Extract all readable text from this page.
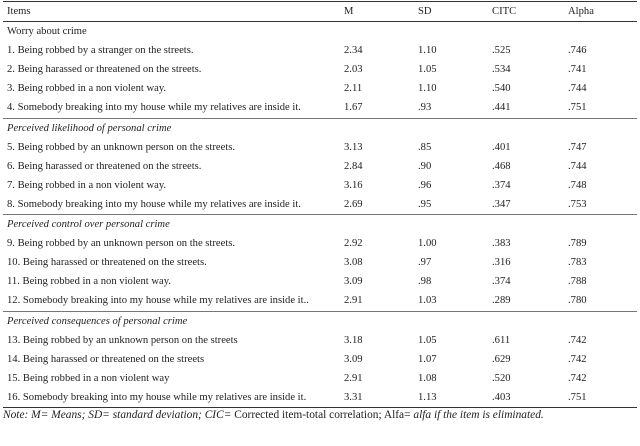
Items	M	SD	CITC	Alpha
Worry about crime				
1. Being robbed by a stranger on the streets.	2.34	1.10	.525	.746
2. Being harassed or threatened on the streets.	2.03	1.05	.534	.741
3. Being robbed in a non violent way.	2.11	1.10	.540	.744
4. Somebody breaking into my house while my relatives are inside it.	1.67	.93	.441	.751
Perceived likelihood of personal crime				
5. Being robbed by an unknown person on the streets.	3.13	.85	.401	.747
6. Being harassed or threatened on the streets.	2.84	.90	.468	.744
7. Being robbed in a non violent way.	3.16	.96	.374	.748
8. Somebody breaking into my house while my relatives are inside it.	2.69	.95	.347	.753
Perceived control over personal crime				
9. Being robbed by an unknown person on the streets.	2.92	1.00	.383	.789
10. Being harassed or threatened on the streets.	3.08	.97	.316	.783
11. Being robbed in a non violent way.	3.09	.98	.374	.788
12. Somebody breaking into my house while my relatives are inside it..	2.91	1.03	.289	.780
Perceived consequences of personal crime				
13. Being robbed by an unknown person on the streets	3.18	1.05	.611	.742
14. Being harassed or threatened on the streets	3.09	1.07	.629	.742
15. Being robbed in a non violent way	2.91	1.08	.520	.742
16. Somebody breaking into my house while my relatives are inside it.	3.31	1.13	.403	.751
Note: M= Means; SD= standard deviation; CIC= Corrected item-total correlation; Alfa= alfa if the item is eliminated.
